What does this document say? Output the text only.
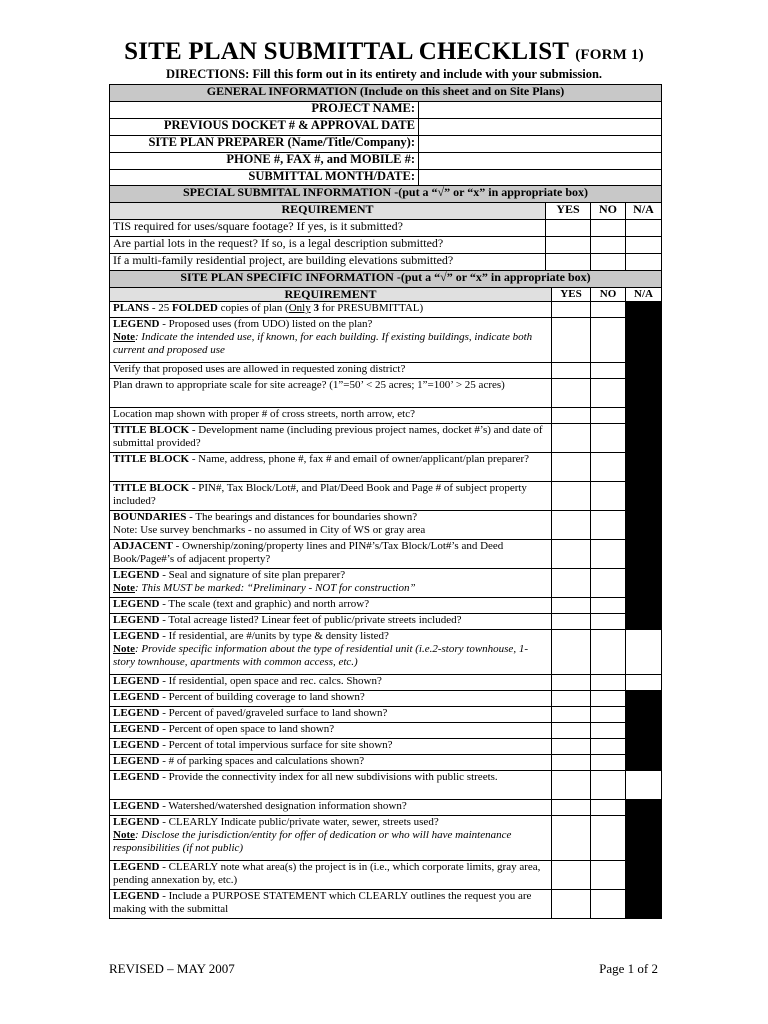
SITE PLAN SUBMITTAL CHECKLIST (FORM 1)
DIRECTIONS: Fill this form out in its entirety and include with your submission.
GENERAL INFORMATION (Include on this sheet and on Site Plans)	
PROJECT NAME:	
PREVIOUS DOCKET # & APPROVAL DATE	
SITE PLAN PREPARER (Name/Title/Company):	
PHONE #, FAX #, and MOBILE #:	
SUBMITTAL MONTH/DATE:	
SPECIAL SUBMITAL INFORMATION -(put a “√” or “x” in appropriate box)			
REQUIREMENT	YES	NO	N/A
TIS required for uses/square footage? If yes, is it submitted?			
Are partial lots in the request? If so, is a legal description submitted?			
If a multi-family residential project, are building elevations submitted?			
SITE PLAN SPECIFIC INFORMATION -(put a “√” or “x” in appropriate box)			
REQUIREMENT	YES	NO	N/A
PLANS - 25 FOLDED copies of plan (Only 3 for PRESUBMITTAL)			
LEGEND - Proposed uses (from UDO) listed on the plan?
Note: Indicate the intended use, if known, for each building. If existing buildings, indicate both current and proposed use			
Verify that proposed uses are allowed in requested zoning district?			
Plan drawn to appropriate scale for site acreage? (1”=50’ < 25 acres; 1”=100’ > 25 acres)			
Location map shown with proper # of cross streets, north arrow, etc?			
TITLE BLOCK - Development name (including previous project names, docket #’s) and date of submittal provided?			
TITLE BLOCK - Name, address, phone #, fax # and email of owner/applicant/plan preparer?			
TITLE BLOCK - PIN#, Tax Block/Lot#, and Plat/Deed Book and Page # of subject property included?			
BOUNDARIES - The bearings and distances for boundaries shown?
Note: Use survey benchmarks - no assumed in City of WS or gray area			
ADJACENT - Ownership/zoning/property lines and PIN#’s/Tax Block/Lot#’s and Deed Book/Page#’s of adjacent property?			
LEGEND - Seal and signature of site plan preparer?
Note: This MUST be marked: “Preliminary - NOT for construction”			
LEGEND - The scale (text and graphic) and north arrow?			
LEGEND - Total acreage listed? Linear feet of public/private streets included?			
LEGEND - If residential, are #/units by type & density listed?
Note: Provide specific information about the type of residential unit (i.e.2-story townhouse, 1-story townhouse, apartments with common access, etc.)			
LEGEND - If residential, open space and rec. calcs. Shown?			
LEGEND - Percent of building coverage to land shown?			
LEGEND - Percent of paved/graveled surface to land shown?			
LEGEND - Percent of open space to land shown?			
LEGEND - Percent of total impervious surface for site shown?			
LEGEND - # of parking spaces and calculations shown?			
LEGEND - Provide the connectivity index for all new subdivisions with public streets.			
LEGEND - Watershed/watershed designation information shown?			
LEGEND - CLEARLY Indicate public/private water, sewer, streets used?
Note: Disclose the jurisdiction/entity for offer of dedication or who will have maintenance responsibilities (if not public)			
LEGEND - CLEARLY note what area(s) the project is in (i.e., which corporate limits, gray area, pending annexation by, etc.)			
LEGEND - Include a PURPOSE STATEMENT which CLEARLY outlines the request you are making with the submittal			
REVISED – MAY 2007	Page 1 of 2
